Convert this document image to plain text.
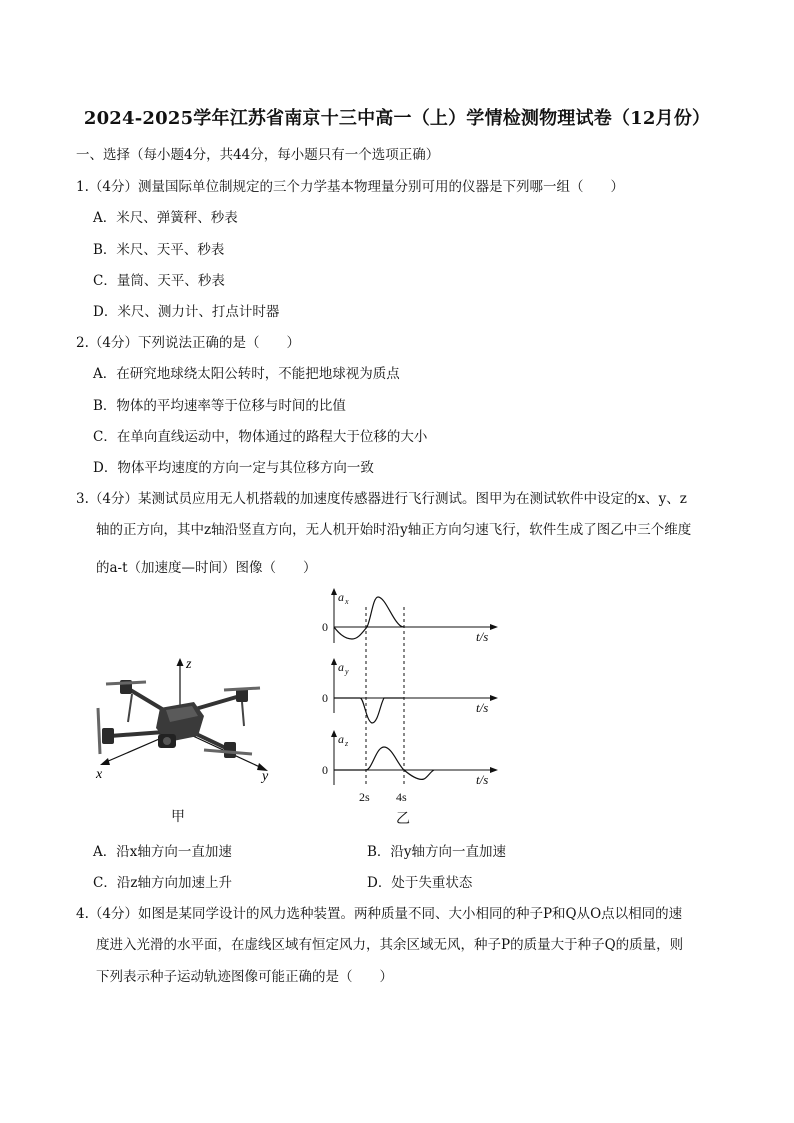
2024-2025学年江苏省南京十三中高一（上）学情检测物理试卷（12月份）
一、选择（每小题4分，共44分，每小题只有一个选项正确）
1.（4分）测量国际单位制规定的三个力学基本物理量分别可用的仪器是下列哪一组（　　）
A．米尺、弹簧秤、秒表
B．米尺、天平、秒表
C．量筒、天平、秒表
D．米尺、测力计、打点计时器
2.（4分）下列说法正确的是（　　）
A．在研究地球绕太阳公转时，不能把地球视为质点
B．物体的平均速率等于位移与时间的比值
C．在单向直线运动中，物体通过的路程大于位移的大小
D．物体平均速度的方向一定与其位移方向一致
3.（4分）某测试员应用无人机搭载的加速度传感器进行飞行测试。图甲为在测试软件中设定的x、y、z
轴的正方向，其中z轴沿竖直方向，无人机开始时沿y轴正方向匀速飞行，软件生成了图乙中三个维度
的a-t（加速度—时间）图像（　　）
z
x	y
甲
a x
0
t/s
a y
0
t/s
a z
0
t/s
2s 4s
乙
A．沿x轴方向一直加速	B．沿y轴方向一直加速
C．沿z轴方向加速上升	D．处于失重状态
4.（4分）如图是某同学设计的风力选种装置。两种质量不同、大小相同的种子P和Q从O点以相同的速
度进入光滑的水平面，在虚线区域有恒定风力，其余区域无风，种子P的质量大于种子Q的质量，则
下列表示种子运动轨迹图像可能正确的是（　　）
